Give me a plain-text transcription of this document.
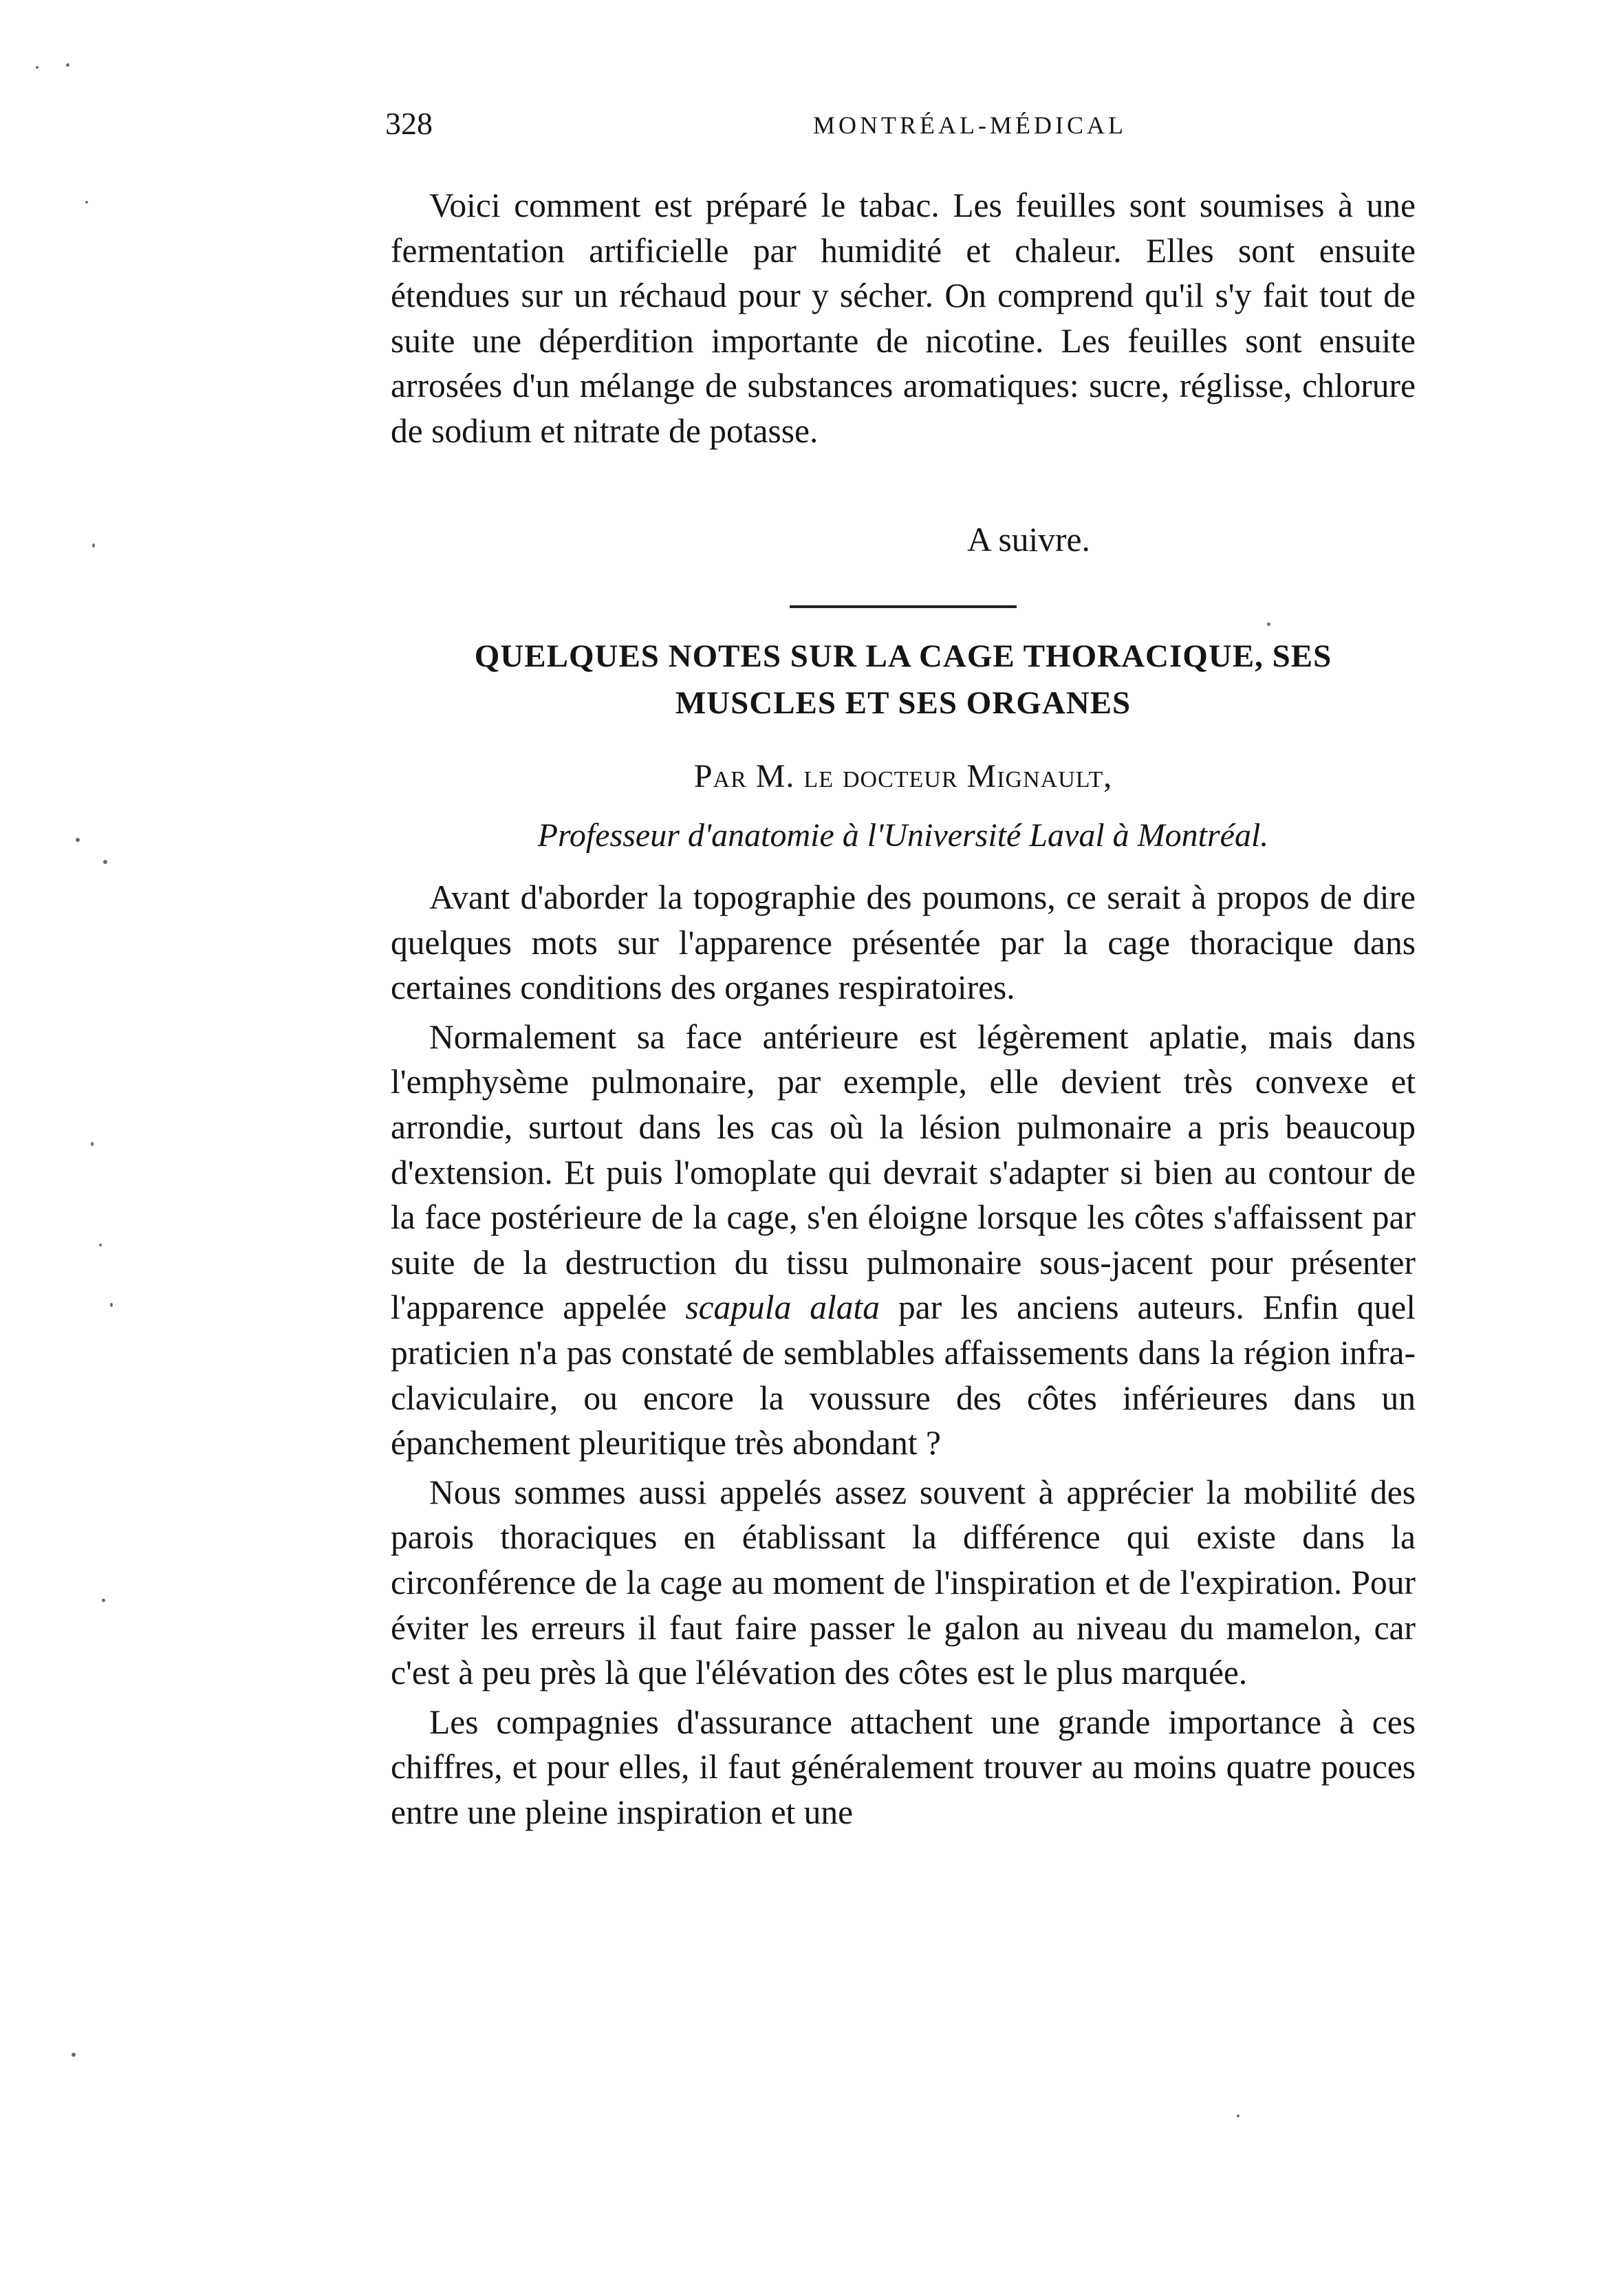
328	MONTRÉAL-MÉDICAL

Voici comment est préparé le tabac. Les feuilles sont soumises à une fermentation artificielle par humidité et chaleur. Elles sont ensuite étendues sur un réchaud pour y sécher. On comprend qu'il s'y fait tout de suite une déperdition importante de nicotine. Les feuilles sont ensuite arrosées d'un mélange de substances aromatiques: sucre, réglisse, chlorure de sodium et nitrate de potasse.

A suivre.
QUELQUES NOTES SUR LA CAGE THORACIQUE, SES
MUSCLES ET SES ORGANES
Par M. le docteur Mignault,
Professeur d'anatomie à l'Université Laval à Montréal.

Avant d'aborder la topographie des poumons, ce serait à propos de dire quelques mots sur l'apparence présentée par la cage thoracique dans certaines conditions des organes respiratoires.

Normalement sa face antérieure est légèrement aplatie, mais dans l'emphysème pulmonaire, par exemple, elle devient très convexe et arrondie, surtout dans les cas où la lésion pulmonaire a pris beaucoup d'extension. Et puis l'omoplate qui devrait s'adapter si bien au contour de la face postérieure de la cage, s'en éloigne lorsque les côtes s'affaissent par suite de la destruction du tissu pulmonaire sous-jacent pour présenter l'apparence appelée scapula alata par les anciens auteurs. Enfin quel praticien n'a pas constaté de semblables affaissements dans la région infra-claviculaire, ou encore la voussure des côtes inférieures dans un épanchement pleuritique très abondant ?

Nous sommes aussi appelés assez souvent à apprécier la mobilité des parois thoraciques en établissant la différence qui existe dans la circonférence de la cage au moment de l'inspiration et de l'expiration. Pour éviter les erreurs il faut faire passer le galon au niveau du mamelon, car c'est à peu près là que l'élévation des côtes est le plus marquée.

Les compagnies d'assurance attachent une grande importance à ces chiffres, et pour elles, il faut généralement trouver au moins quatre pouces entre une pleine inspiration et une
